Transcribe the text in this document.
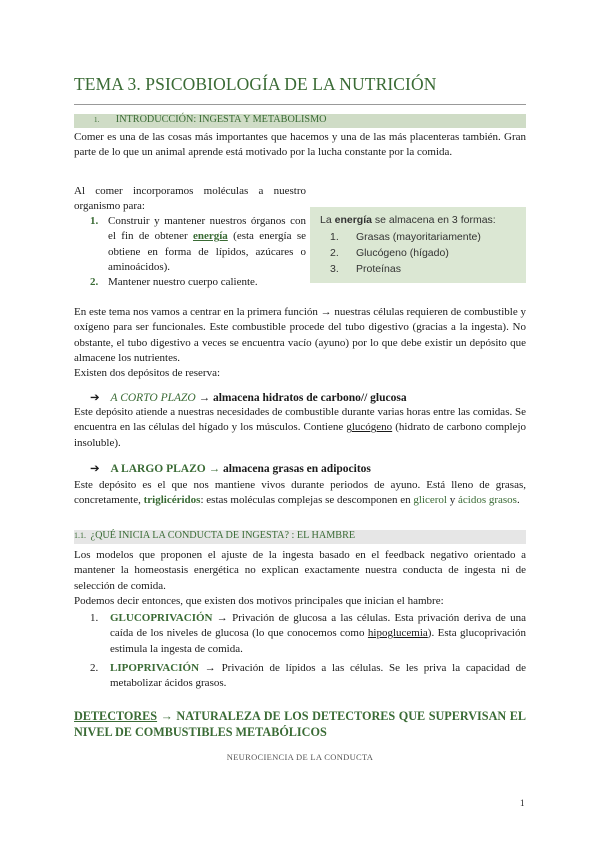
TEMA 3. PSICOBIOLOGÍA DE LA NUTRICIÓN
1. INTRODUCCIÓN: INGESTA Y METABOLISMO
Comer es una de las cosas más importantes que hacemos y una de las más placenteras también. Gran parte de lo que un animal aprende está motivado por la lucha constante por la comida.
Al comer incorporamos moléculas a nuestro organismo para:
1. Construir y mantener nuestros órganos con el fin de obtener energía (esta energía se obtiene en forma de lípidos, azúcares o aminoácidos).
2. Mantener nuestro cuerpo caliente.
La energía se almacena en 3 formas:
1. Grasas (mayoritariamente)
2. Glucógeno (hígado)
3. Proteínas
En este tema nos vamos a centrar en la primera función → nuestras células requieren de combustible y oxígeno para ser funcionales. Este combustible procede del tubo digestivo (gracias a la ingesta). No obstante, el tubo digestivo a veces se encuentra vacío (ayuno) por lo que debe existir un depósito que almacene los nutrientes.
Existen dos depósitos de reserva:
➔ A CORTO PLAZO → almacena hidratos de carbono// glucosa
Este depósito atiende a nuestras necesidades de combustible durante varias horas entre las comidas. Se encuentra en las células del hígado y los músculos. Contiene glucógeno (hidrato de carbono complejo insoluble).
➔ A LARGO PLAZO → almacena grasas en adipocitos
Este depósito es el que nos mantiene vivos durante periodos de ayuno. Está lleno de grasas, concretamente, triglicéridos: estas moléculas complejas se descomponen en glicerol y ácidos grasos.
1.1. ¿QUÉ INICIA LA CONDUCTA DE INGESTA? : EL HAMBRE
Los modelos que proponen el ajuste de la ingesta basado en el feedback negativo orientado a mantener la homeostasis energética no explican exactamente nuestra conducta de ingesta ni de selección de comida.
Podemos decir entonces, que existen dos motivos principales que inician el hambre:
1. GLUCOPRIVACIÓN → Privación de glucosa a las células. Esta privación deriva de una caída de los niveles de glucosa (lo que conocemos como hipoglucemia). Esta glucoprivación estimula la ingesta de comida.
2. LIPOPRIVACIÓN → Privación de lípidos a las células. Se les priva la capacidad de metabolizar ácidos grasos.
DETECTORES → NATURALEZA DE LOS DETECTORES QUE SUPERVISAN EL NIVEL DE COMBUSTIBLES METABÓLICOS
NEUROCIENCIA DE LA CONDUCTA
1
